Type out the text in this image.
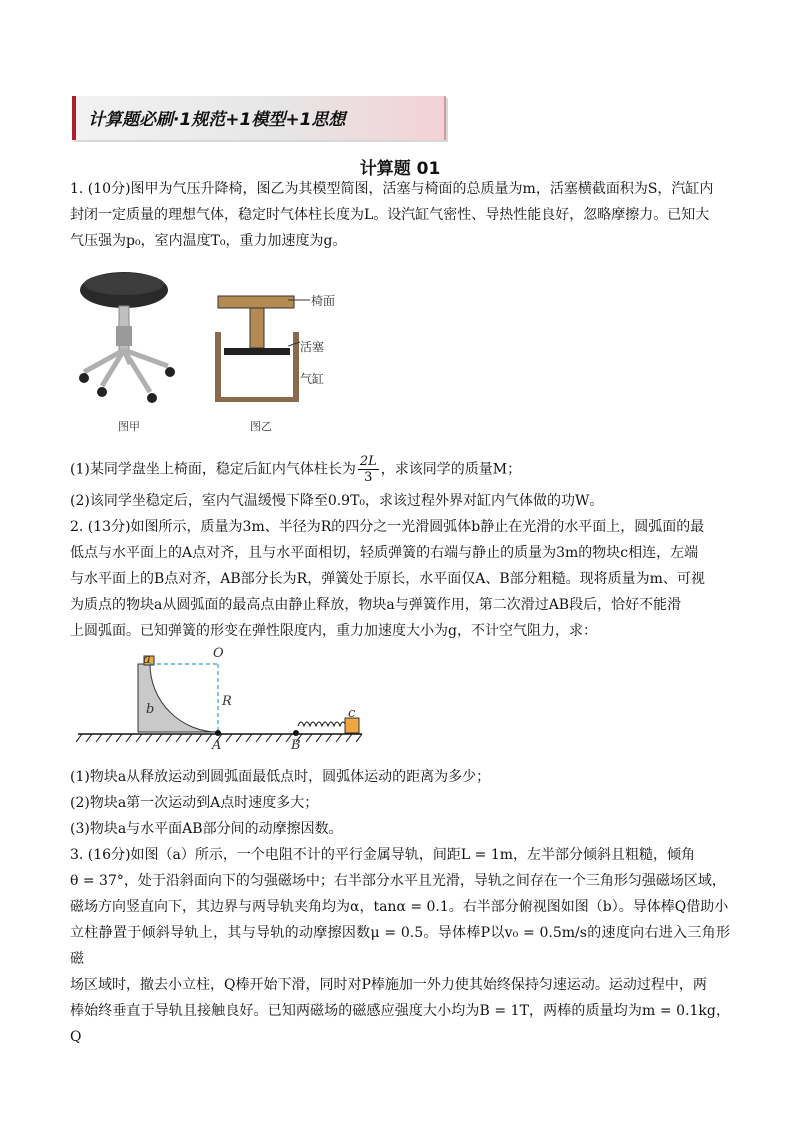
计算题必刷·1规范+1模型+1思想
计算题 01
1. (10分)图甲为气压升降椅，图乙为其模型简图，活塞与椅面的总质量为m，活塞横截面积为S，汽缸内
封闭一定质量的理想气体，稳定时气体柱长度为L。设汽缸气密性、导热性能良好，忽略摩擦力。已知大
气压强为p₀，室内温度T₀，重力加速度为g。
图甲
椅面
活塞
气缸
图乙
(1)某同学盘坐上椅面，稳定后缸内气体柱长为 $\frac{2L}{3}$ ，求该同学的质量M；
(2)该同学坐稳定后，室内气温缓慢下降至0.9T₀，求该过程外界对缸内气体做的功W。
2. (13分)如图所示，质量为3m、半径为R的四分之一光滑圆弧体b静止在光滑的水平面上，圆弧面的最
低点与水平面上的A点对齐，且与水平面相切，轻质弹簧的右端与静止的质量为3m的物块c相连，左端
与水平面上的B点对齐，AB部分长为R，弹簧处于原长，水平面仅A、B部分粗糙。现将质量为m、可视
为质点的物块a从圆弧面的最高点由静止释放，物块a与弹簧作用，第二次滑过AB段后，恰好不能滑
上圆弧面。已知弹簧的形变在弹性限度内，重力加速度大小为g，不计空气阻力，求：
a	O
b
R
c
A	B
(1)物块a从释放运动到圆弧面最低点时，圆弧体运动的距离为多少；
(2)物块a第一次运动到A点时速度多大；
(3)物块a与水平面AB部分间的动摩擦因数。
3. (16分)如图（a）所示，一个电阻不计的平行金属导轨，间距L = 1m，左半部分倾斜且粗糙，倾角
θ = 37°，处于沿斜面向下的匀强磁场中；右半部分水平且光滑，导轨之间存在一个三角形匀强磁场区域，
磁场方向竖直向下，其边界与两导轨夹角均为α，tanα = 0.1。右半部分俯视图如图（b）。导体棒Q借助小
立柱静置于倾斜导轨上，其与导轨的动摩擦因数μ = 0.5。导体棒P以v₀ = 0.5m/s的速度向右进入三角形磁
场区域时，撤去小立柱，Q棒开始下滑，同时对P棒施加一外力使其始终保持匀速运动。运动过程中，两
棒始终垂直于导轨且接触良好。已知两磁场的磁感应强度大小均为B = 1T，两棒的质量均为m = 0.1kg，Q
